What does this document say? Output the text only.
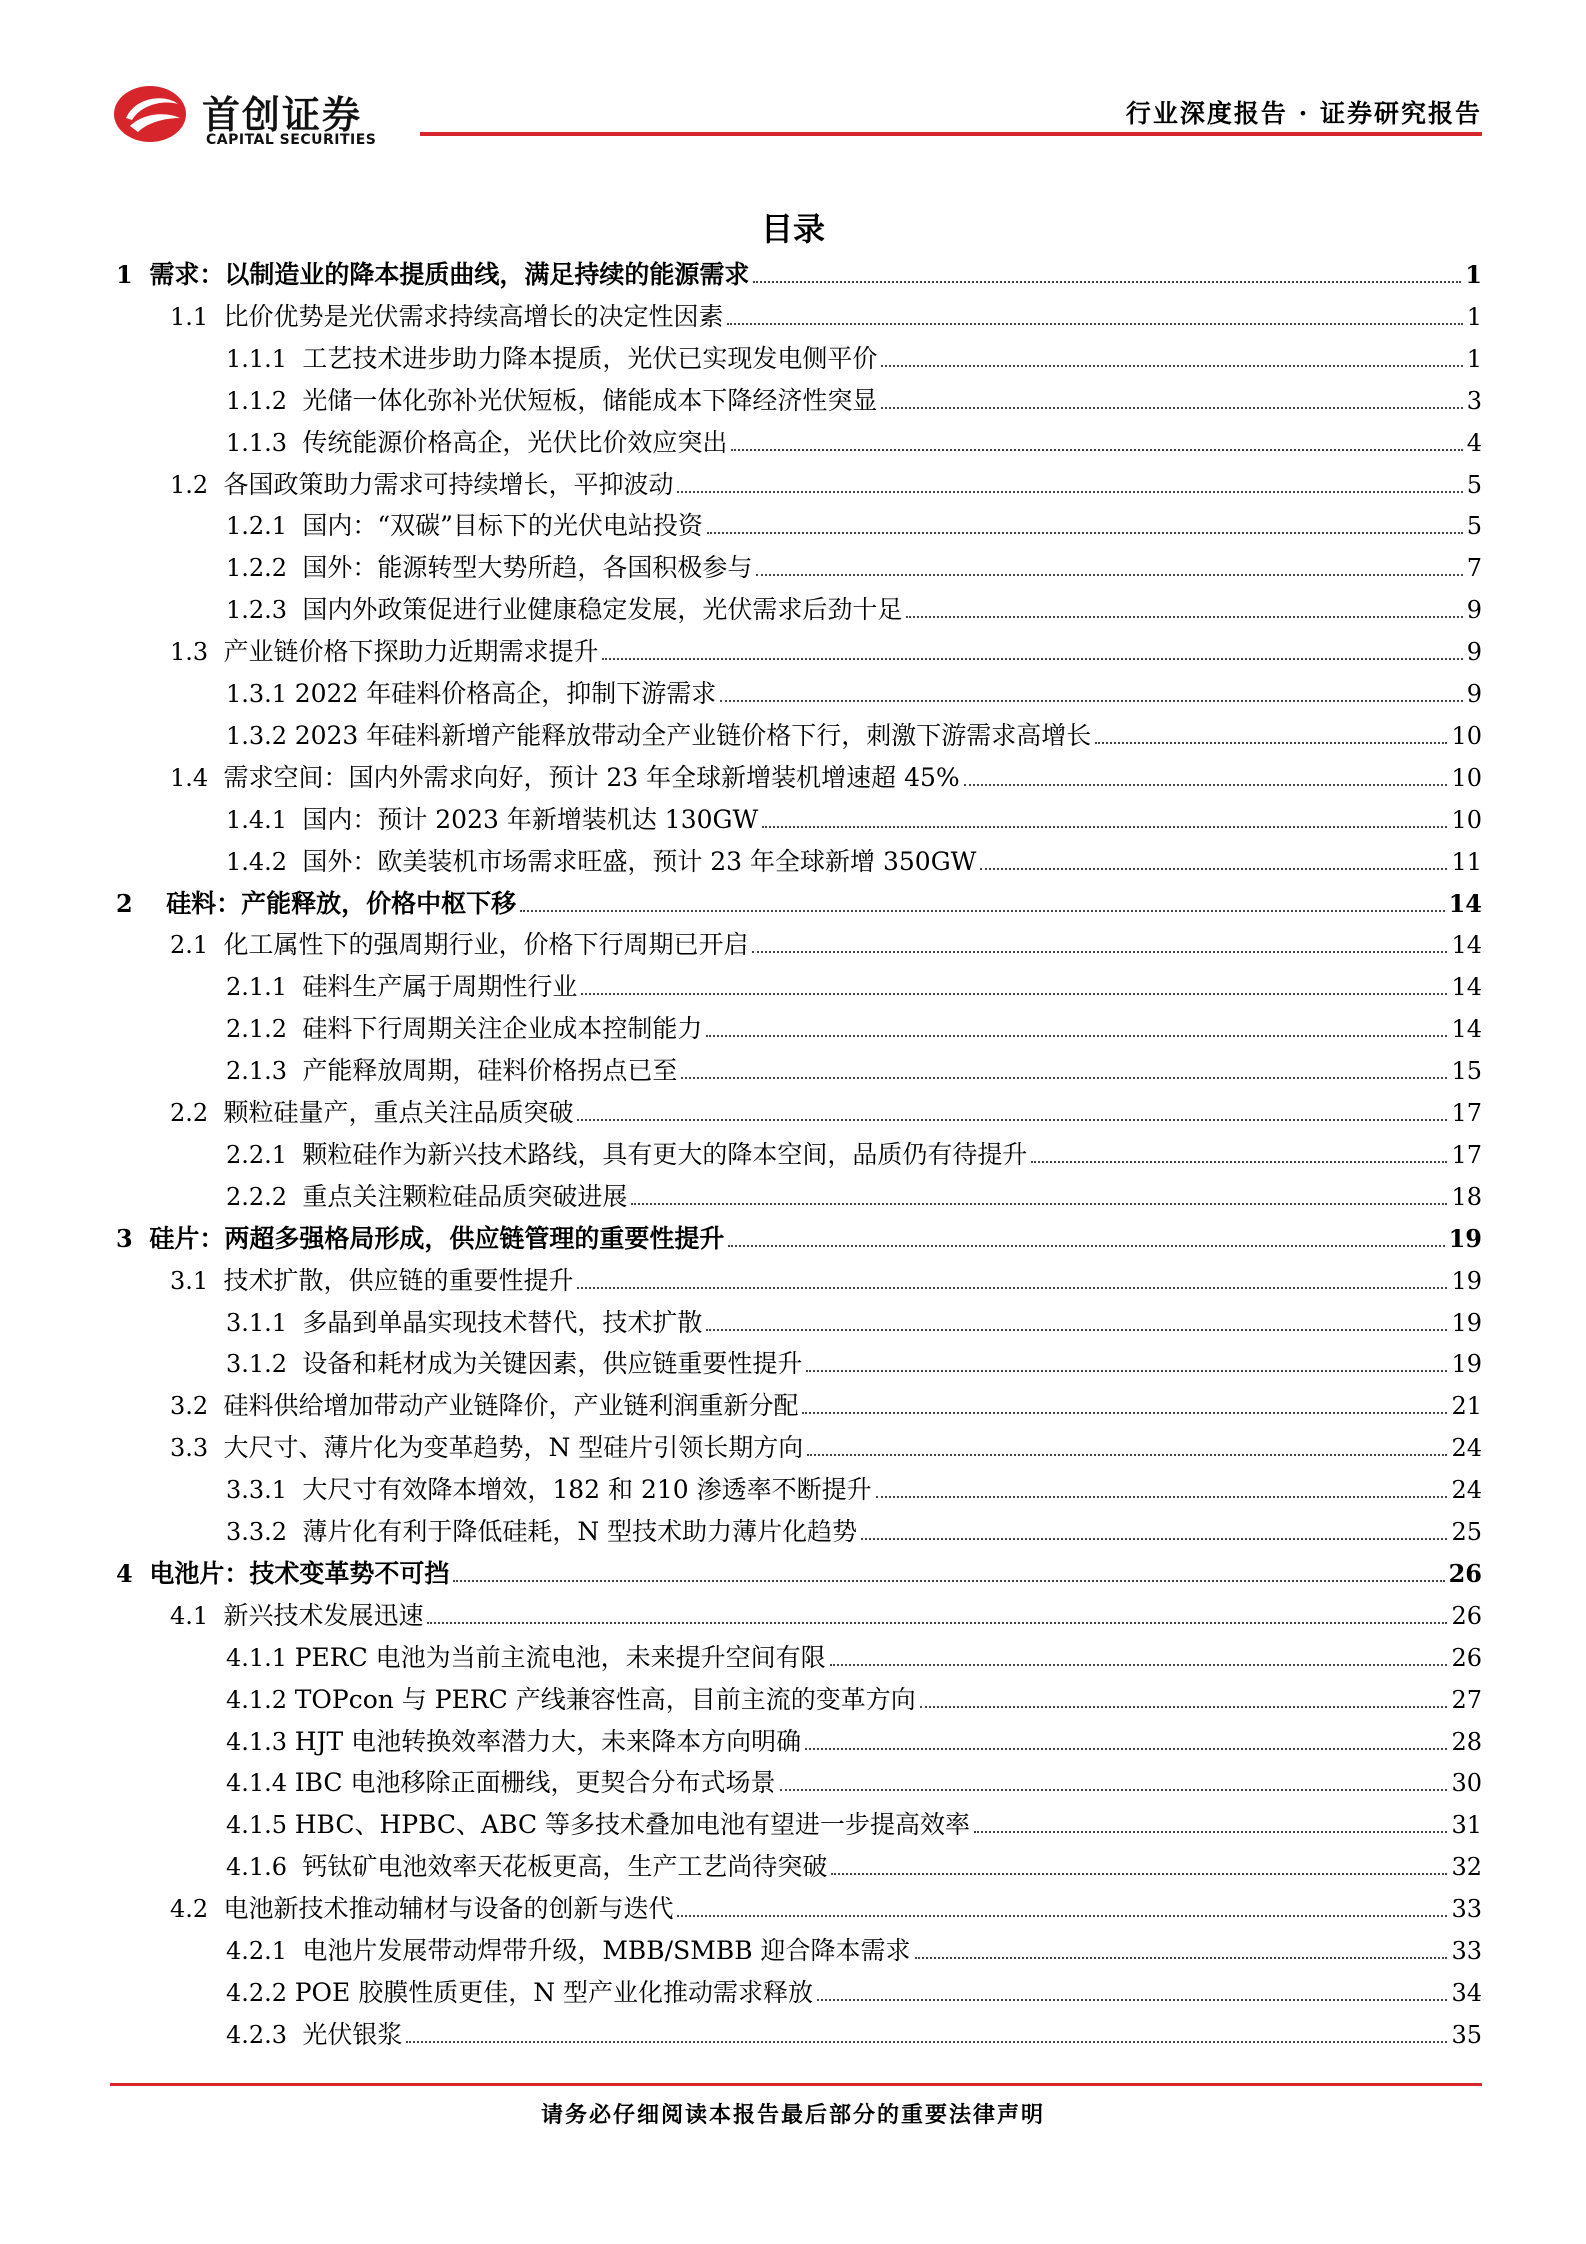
首创证券
CAPITAL SECURITIES
行业深度报告 · 证券研究报告
目录
1 需求：以制造业的降本提质曲线，满足持续的能源需求	1
1.1 比价优势是光伏需求持续高增长的决定性因素	1
1.1.1 工艺技术进步助力降本提质，光伏已实现发电侧平价	1
1.1.2 光储一体化弥补光伏短板，储能成本下降经济性突显	3
1.1.3 传统能源价格高企，光伏比价效应突出	4
1.2 各国政策助力需求可持续增长，平抑波动	5
1.2.1 国内：“双碳”目标下的光伏电站投资	5
1.2.2 国外：能源转型大势所趋，各国积极参与	7
1.2.3 国内外政策促进行业健康稳定发展，光伏需求后劲十足	9
1.3 产业链价格下探助力近期需求提升	9
1.3.1 2022 年硅料价格高企，抑制下游需求	9
1.3.2 2023 年硅料新增产能释放带动全产业链价格下行，刺激下游需求高增长	10
1.4 需求空间：国内外需求向好，预计 23 年全球新增装机增速超 45%	10
1.4.1 国内：预计 2023 年新增装机达 130GW	10
1.4.2 国外：欧美装机市场需求旺盛，预计 23 年全球新增 350GW	11
2 硅料：产能释放，价格中枢下移	14
2.1 化工属性下的强周期行业，价格下行周期已开启	14
2.1.1 硅料生产属于周期性行业	14
2.1.2 硅料下行周期关注企业成本控制能力	14
2.1.3 产能释放周期，硅料价格拐点已至	15
2.2 颗粒硅量产，重点关注品质突破	17
2.2.1 颗粒硅作为新兴技术路线，具有更大的降本空间，品质仍有待提升	17
2.2.2 重点关注颗粒硅品质突破进展	18
3 硅片：两超多强格局形成，供应链管理的重要性提升	19
3.1 技术扩散，供应链的重要性提升	19
3.1.1 多晶到单晶实现技术替代，技术扩散	19
3.1.2 设备和耗材成为关键因素，供应链重要性提升	19
3.2 硅料供给增加带动产业链降价，产业链利润重新分配	21
3.3 大尺寸、薄片化为变革趋势，N 型硅片引领长期方向	24
3.3.1 大尺寸有效降本增效，182 和 210 渗透率不断提升	24
3.3.2 薄片化有利于降低硅耗，N 型技术助力薄片化趋势	25
4 电池片：技术变革势不可挡	26
4.1 新兴技术发展迅速	26
4.1.1 PERC 电池为当前主流电池，未来提升空间有限	26
4.1.2 TOPcon 与 PERC 产线兼容性高，目前主流的变革方向	27
4.1.3 HJT 电池转换效率潜力大，未来降本方向明确	28
4.1.4 IBC 电池移除正面栅线，更契合分布式场景	30
4.1.5 HBC、HPBC、ABC 等多技术叠加电池有望进一步提高效率	31
4.1.6 钙钛矿电池效率天花板更高，生产工艺尚待突破	32
4.2 电池新技术推动辅材与设备的创新与迭代	33
4.2.1 电池片发展带动焊带升级，MBB/SMBB 迎合降本需求	33
4.2.2 POE 胶膜性质更佳，N 型产业化推动需求释放	34
4.2.3 光伏银浆	35
请务必仔细阅读本报告最后部分的重要法律声明
